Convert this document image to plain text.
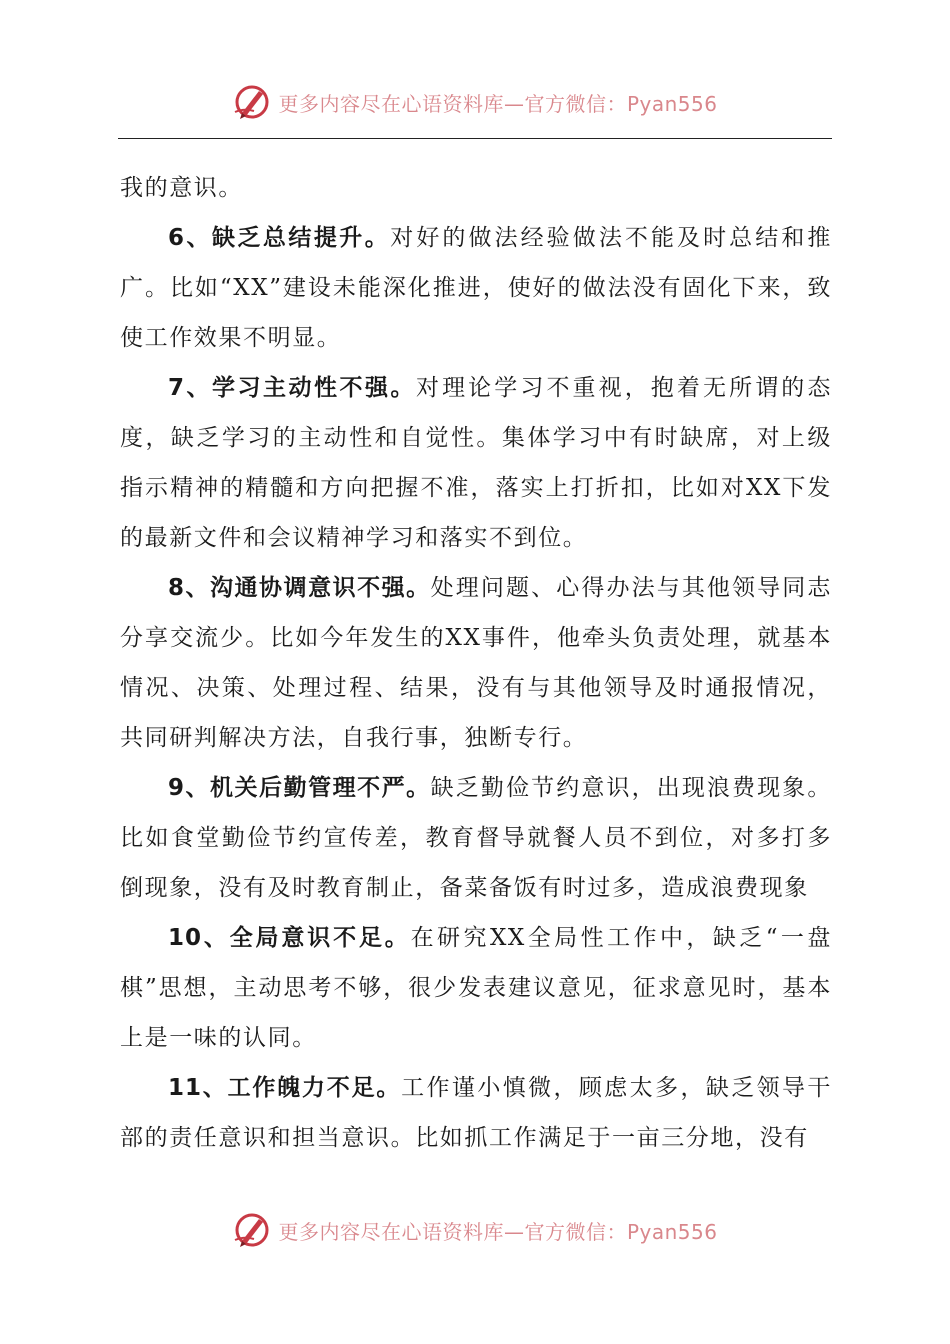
更多内容尽在心语资料库—官方微信：Pyan556

我的意识。

6、缺乏总结提升。对好的做法经验做法不能及时总结和推广。比如“XX”建设未能深化推进，使好的做法没有固化下来，致使工作效果不明显。

7、学习主动性不强。对理论学习不重视，抱着无所谓的态度，缺乏学习的主动性和自觉性。集体学习中有时缺席，对上级指示精神的精髓和方向把握不准，落实上打折扣，比如对XX下发的最新文件和会议精神学习和落实不到位。

8、沟通协调意识不强。处理问题、心得办法与其他领导同志分享交流少。比如今年发生的XX事件，他牵头负责处理，就基本情况、决策、处理过程、结果，没有与其他领导及时通报情况，共同研判解决方法，自我行事，独断专行。

9、机关后勤管理不严。缺乏勤俭节约意识，出现浪费现象。比如食堂勤俭节约宣传差，教育督导就餐人员不到位，对多打多倒现象，没有及时教育制止，备菜备饭有时过多，造成浪费现象

10、全局意识不足。在研究XX全局性工作中，缺乏“一盘棋”思想，主动思考不够，很少发表建议意见，征求意见时，基本上是一味的认同。

11、工作魄力不足。工作谨小慎微，顾虑太多，缺乏领导干部的责任意识和担当意识。比如抓工作满足于一亩三分地，没有

更多内容尽在心语资料库—官方微信：Pyan556
